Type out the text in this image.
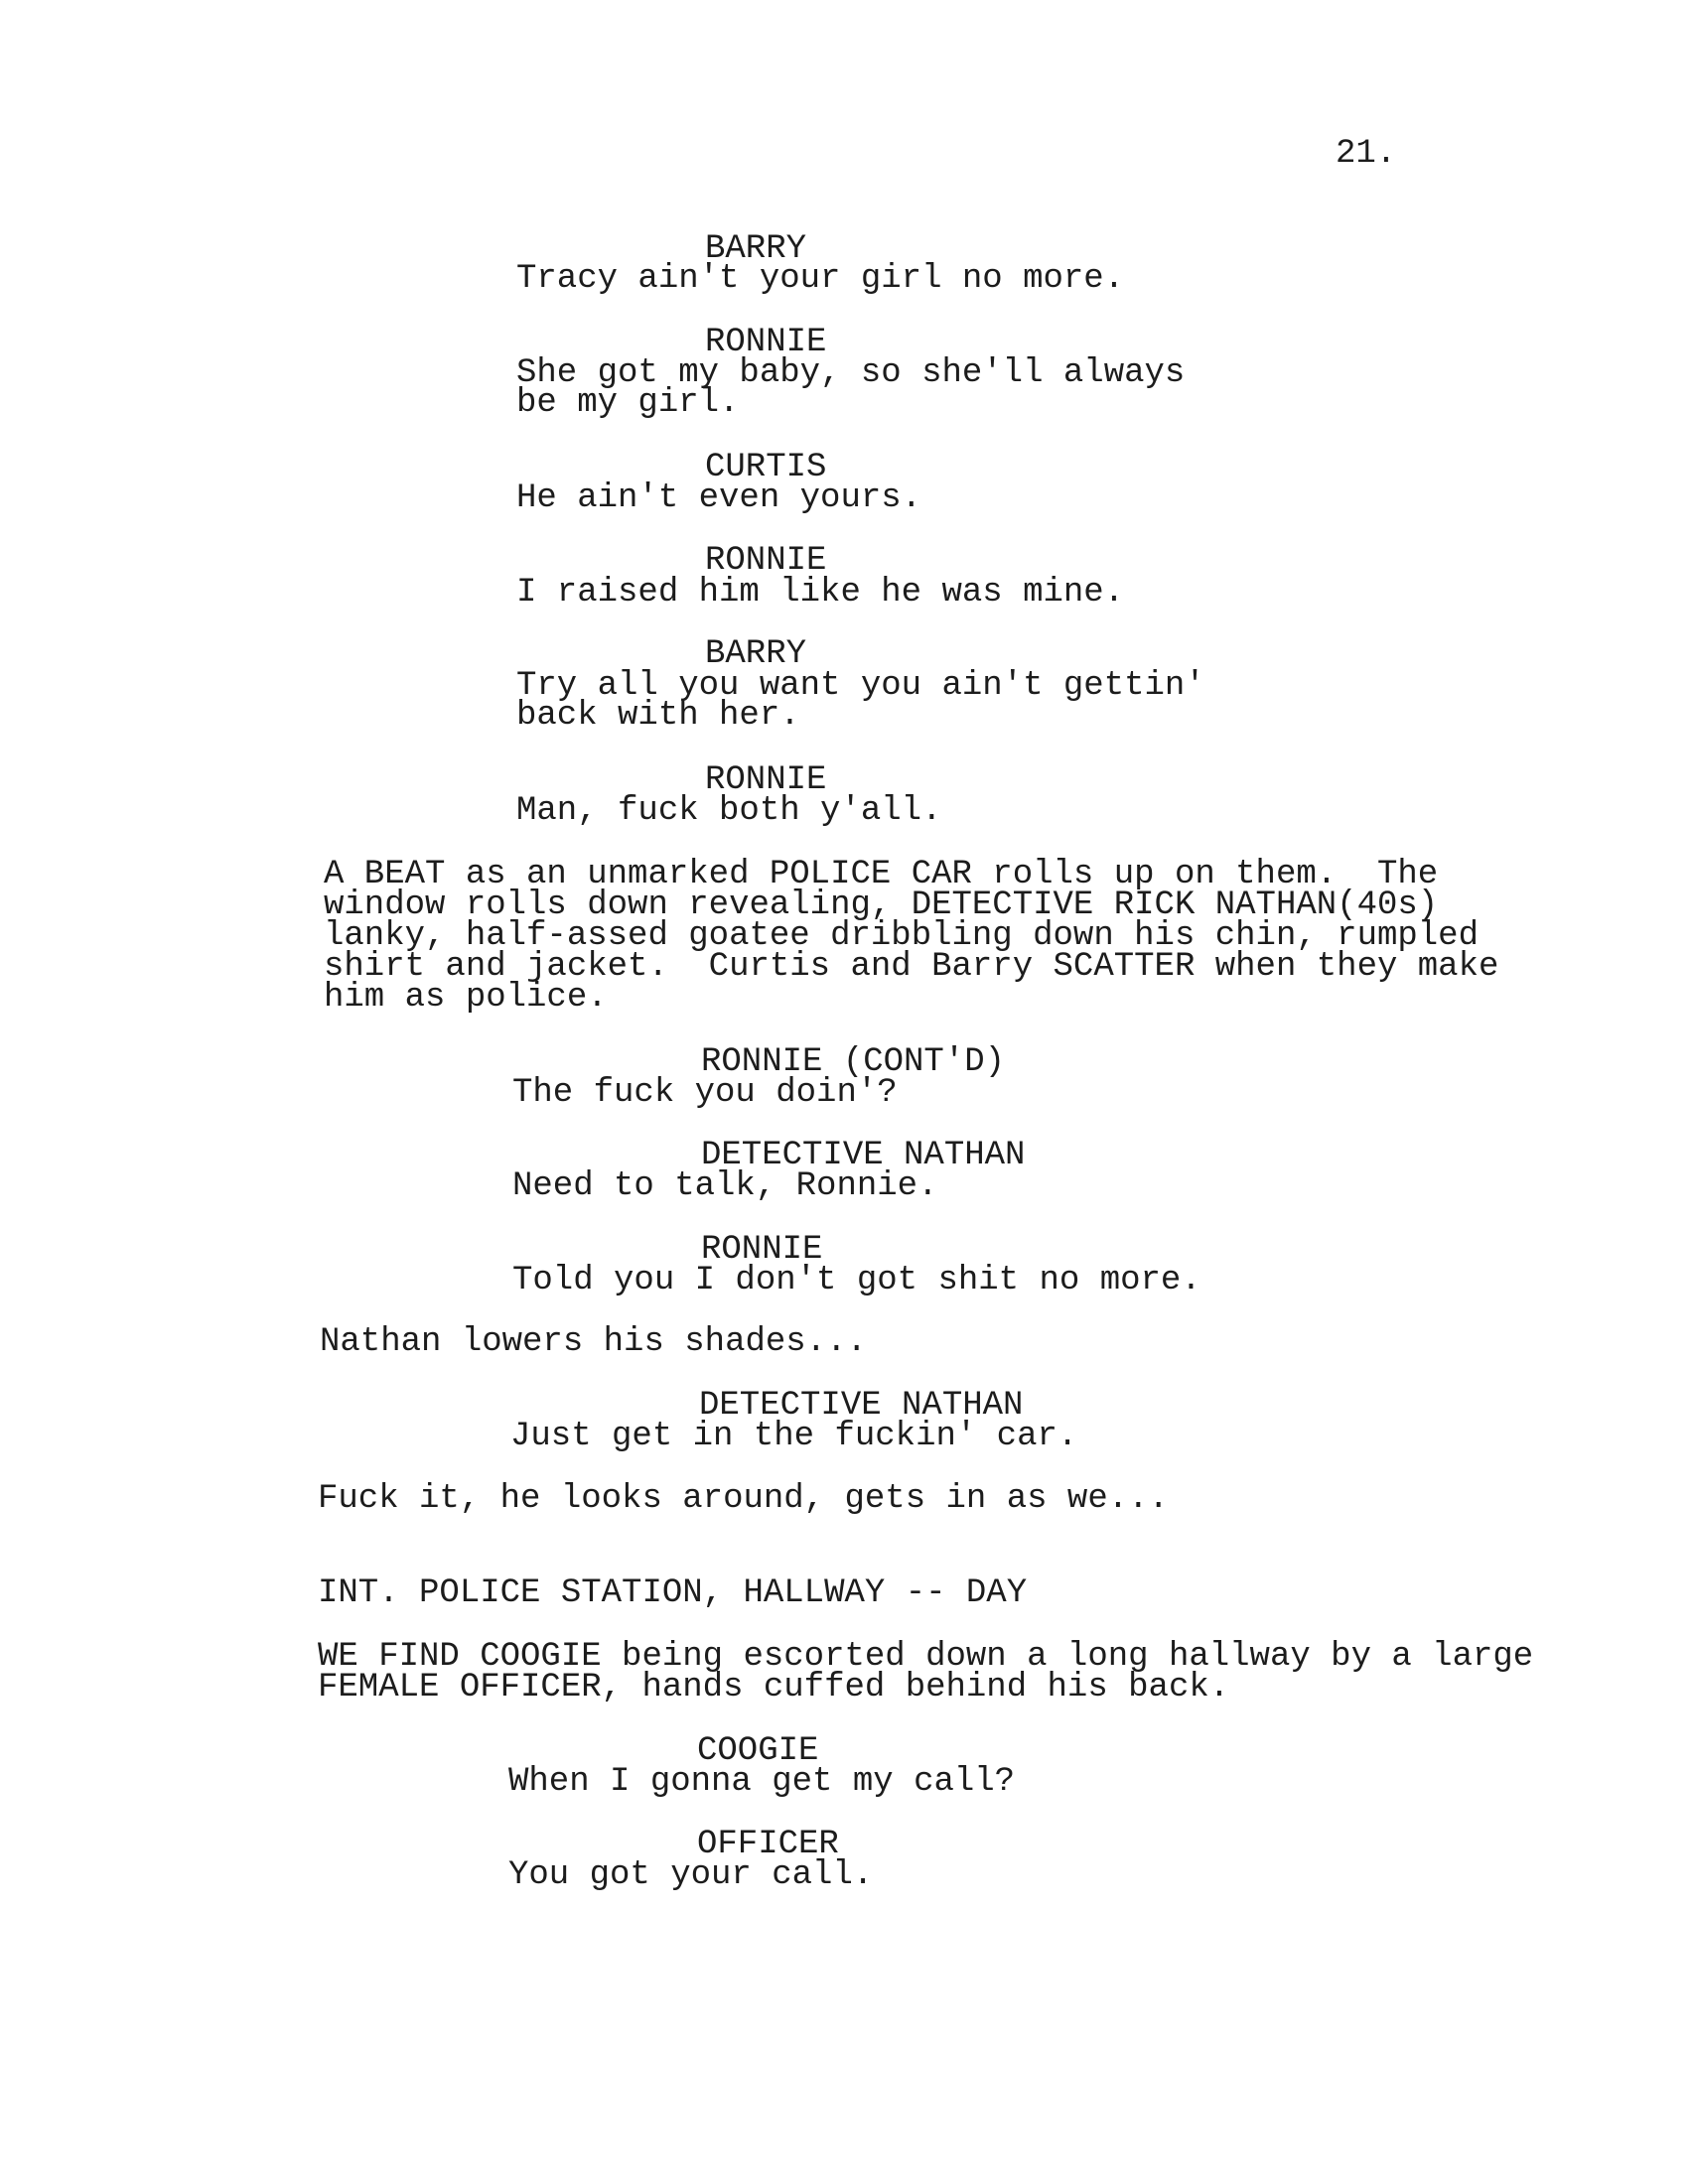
21.
BARRY
Tracy ain't your girl no more.
RONNIE
She got my baby, so she'll always
be my girl.
CURTIS
He ain't even yours.
RONNIE
I raised him like he was mine.
BARRY
Try all you want you ain't gettin'
back with her.
RONNIE
Man, fuck both y'all.
A BEAT as an unmarked POLICE CAR rolls up on them.  The
window rolls down revealing, DETECTIVE RICK NATHAN(40s)
lanky, half-assed goatee dribbling down his chin, rumpled
shirt and jacket.  Curtis and Barry SCATTER when they make
him as police.
RONNIE (CONT'D)
The fuck you doin'?
DETECTIVE NATHAN
Need to talk, Ronnie.
RONNIE
Told you I don't got shit no more.
Nathan lowers his shades...
DETECTIVE NATHAN
Just get in the fuckin' car.
Fuck it, he looks around, gets in as we...
INT. POLICE STATION, HALLWAY -- DAY
WE FIND COOGIE being escorted down a long hallway by a large
FEMALE OFFICER, hands cuffed behind his back.
COOGIE
When I gonna get my call?
OFFICER
You got your call.
